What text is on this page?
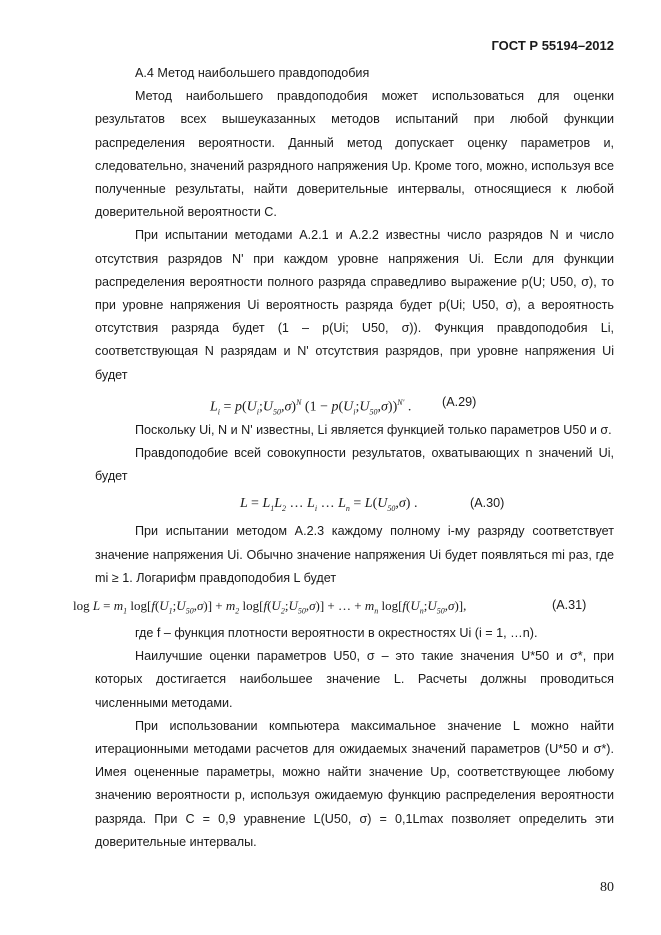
ГОСТ Р 55194–2012

А.4 Метод наибольшего правдоподобия

Метод наибольшего правдоподобия может использоваться для оценки результатов всех вышеуказанных методов испытаний при любой функции распределения вероятности. Данный метод допускает оценку параметров и, следовательно, значений разрядного напряжения Uр. Кроме того, можно, используя все полученные результаты, найти доверительные интервалы, относящиеся к любой доверительной вероятности C.

При испытании методами А.2.1 и А.2.2 известны число разрядов N и число отсутствия разрядов N' при каждом уровне напряжения Ui. Если для функции распределения вероятности полного разряда справедливо выражение p(U; U50, σ), то при уровне напряжения Ui вероятность разряда будет p(Ui; U50, σ), а вероятность отсутствия разряда будет (1 – p(Ui; U50, σ)). Функция правдоподобия Li, соответствующая N разрядам и N' отсутствия разрядов, при уровне напряжения Ui будет

$L_i$ = $p(U_i;U_{50},\sigma)^N$ $(1 - p(U_i;U_{50},\sigma))^{N'}$ . (А.29)

Поскольку Ui, N и N' известны, Li является функцией только параметров U50 и σ.

Правдоподобие всей совокупности результатов, охватывающих n значений Ui, будет

$L = L_1L_2$ … $L_i$ … $L_n = L(U_{50},\sigma)$ .	(А.30)

При испытании методом А.2.3 каждому полному i-му разряду соответствует значение напряжения Ui. Обычно значение напряжения Ui будет появляться mi раз, где mi ≥ 1. Логарифм правдоподобия L будет

$\log L = m_1$ $\log[f(U_1;U_{50},\sigma)] + m_2$ $\log[f(U_2;U_{50},\sigma)]$ + … + $m_n$ $\log[f(U_n;U_{50},\sigma)]$,	(А.31)

где f – функция плотности вероятности в окрестностях Ui (i = 1, …n).

Наилучшие оценки параметров U50, σ – это такие значения U*50 и σ*, при которых достигается наибольшее значение L. Расчеты должны проводиться численными методами.

При использовании компьютера максимальное значение L можно найти итерационными методами расчетов для ожидаемых значений параметров (U*50 и σ*). Имея оцененные параметры, можно найти значение Uр, соответствующее любому значению вероятности p, используя ожидаемую функцию распределения вероятности разряда. При C = 0,9 уравнение L(U50, σ) = 0,1Lmax позволяет определить эти доверительные интервалы.

80
